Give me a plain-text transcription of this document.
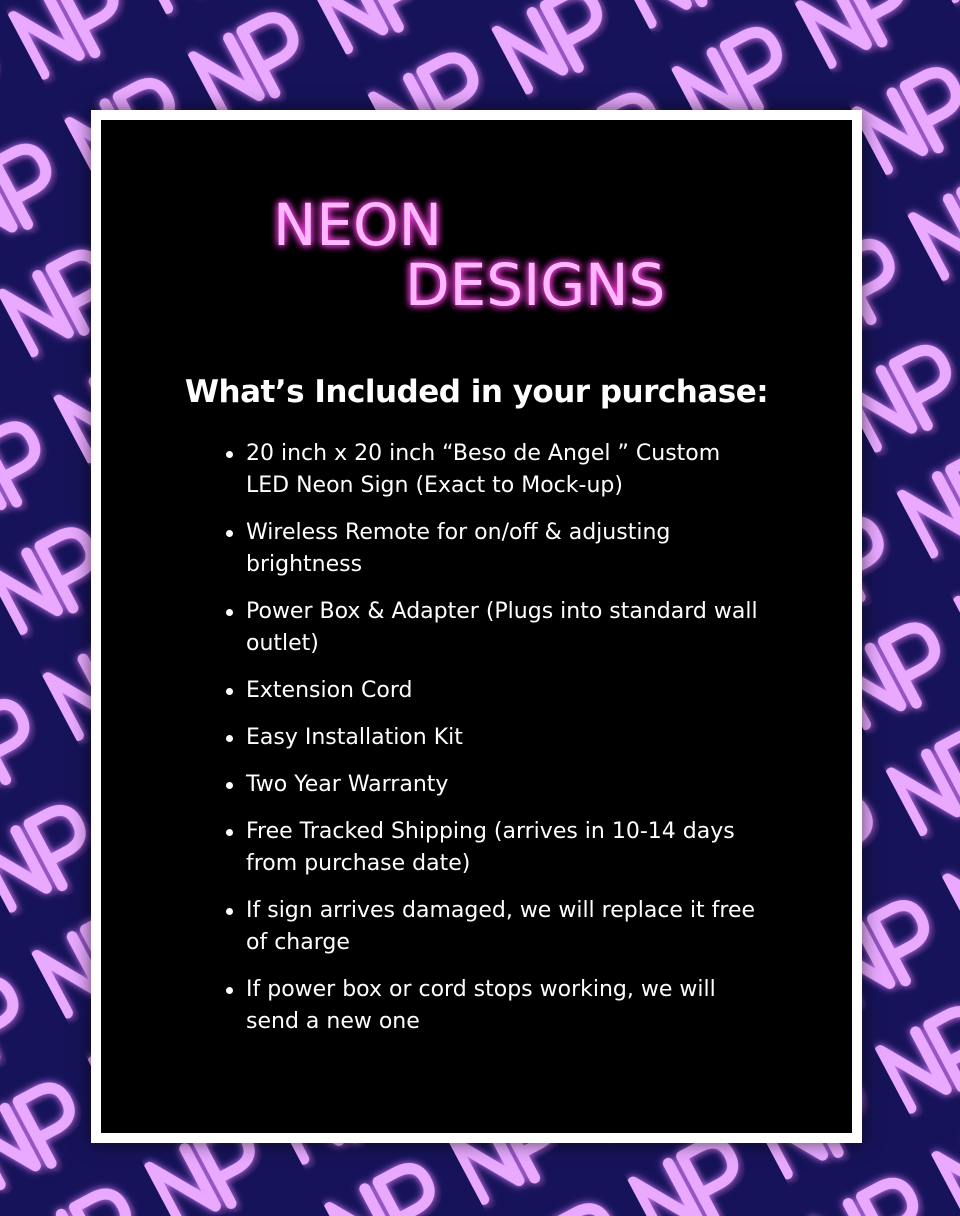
NEON
DESIGNS
What’s Included in your purchase:
20 inch x 20 inch “Beso de Angel ” Custom LED Neon Sign (Exact to Mock-up)
Wireless Remote for on/off & adjusting brightness
Power Box & Adapter (Plugs into standard wall outlet)
Extension Cord
Easy Installation Kit
Two Year Warranty
Free Tracked Shipping (arrives in 10-14 days from purchase date)
If sign arrives damaged, we will replace it free of charge
If power box or cord stops working, we will send a new one
